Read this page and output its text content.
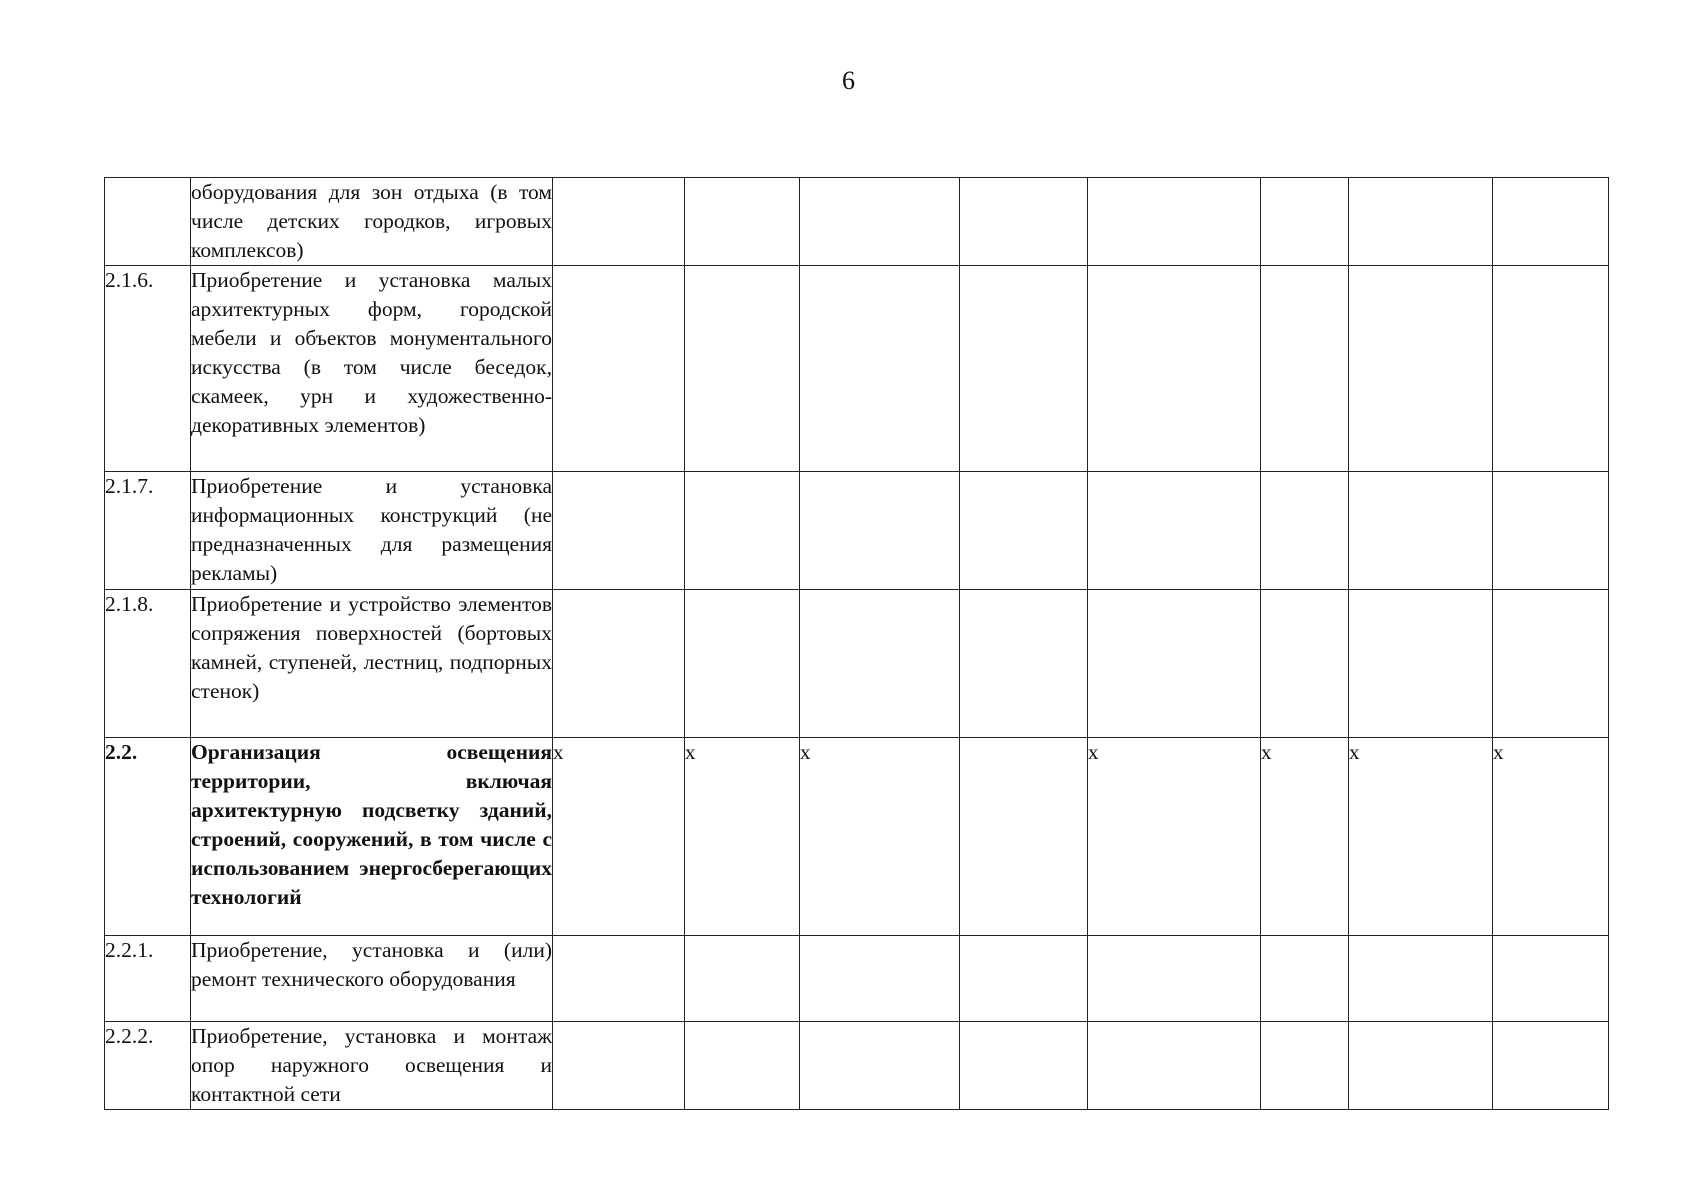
6
	оборудования для зон отдыха (в том числе детских городков, игровых комплексов)								
2.1.6.	Приобретение и установка малых архитектурных форм, городской мебели и объектов монументального искусства (в том числе беседок, скамеек, урн и художественно-декоративных элементов)								
2.1.7.	Приобретение и установка информационных конструкций (не предназначенных для размещения рекламы)								
2.1.8.	Приобретение и устройство элементов сопряжения поверхностей (бортовых камней, ступеней, лестниц, подпорных стенок)								
2.2.	Организация освещения территории, включая архитектурную подсветку зданий, строений, сооружений, в том числе с использованием энергосберегающих технологий	x	x	x		x	x	x	x
2.2.1.	Приобретение, установка и (или) ремонт технического оборудования								
2.2.2.	Приобретение, установка и монтаж опор наружного освещения и контактной сети								
